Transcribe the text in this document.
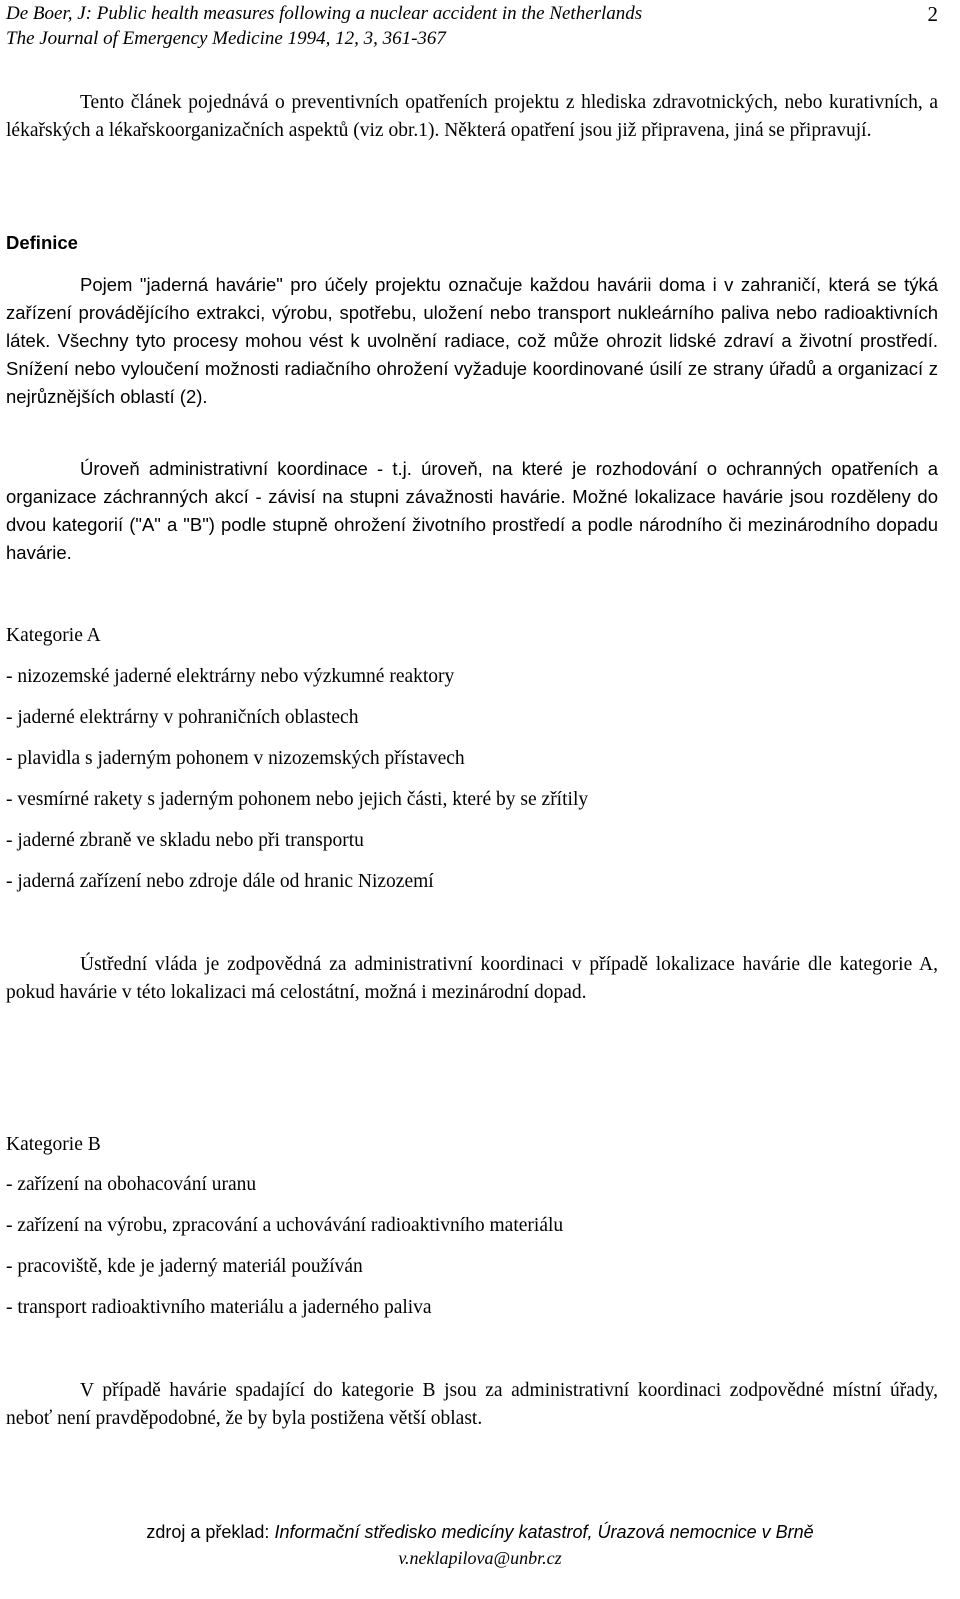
De Boer, J: Public health measures following a nuclear accident in the Netherlands
The Journal of Emergency Medicine 1994, 12, 3, 361-367
2
Tento článek pojednává o preventivních opatřeních projektu z hlediska zdravotnických, nebo kurativních, a lékařských a lékařskoorganizačních aspektů (viz obr.1). Některá opatření jsou již připravena, jiná se připravují.
Definice
Pojem "jaderná havárie" pro účely projektu označuje každou havárii doma i v zahraničí, která se týká zařízení provádějícího extrakci, výrobu, spotřebu, uložení nebo transport nukleárního paliva nebo radioaktivních látek. Všechny tyto procesy mohou vést k uvolnění radiace, což může ohrozit lidské zdraví a životní prostředí. Snížení nebo vyloučení možnosti radiačního ohrožení vyžaduje koordinované úsilí ze strany úřadů a organizací z nejrůznějších oblastí (2).
Úroveň administrativní koordinace - t.j. úroveň, na které je rozhodování o ochranných opatřeních a organizace záchranných akcí - závisí na stupni závažnosti havárie. Možné lokalizace havárie jsou rozděleny do dvou kategorií ("A" a "B") podle stupně ohrožení životního prostředí a podle národního či mezinárodního dopadu havárie.
Kategorie A
- nizozemské jaderné elektrárny nebo výzkumné reaktory
- jaderné elektrárny v pohraničních oblastech
- plavidla s jaderným pohonem v nizozemských přístavech
- vesmírné rakety s jaderným pohonem nebo jejich části, které by se zřítily
- jaderné zbraně ve skladu nebo při transportu
- jaderná zařízení nebo zdroje dále od hranic Nizozemí
Ústřední vláda je zodpovědná za administrativní koordinaci v případě lokalizace havárie dle kategorie A, pokud havárie v této lokalizaci má celostátní, možná i mezinárodní dopad.
Kategorie B
- zařízení na obohacování uranu
- zařízení na výrobu, zpracování a uchovávání radioaktivního materiálu
- pracoviště, kde je jaderný materiál používán
- transport radioaktivního materiálu a jaderného paliva
V případě havárie spadající do kategorie B jsou za administrativní koordinaci zodpovědné místní úřady, neboť není pravděpodobné, že by byla postižena větší oblast.
zdroj a překlad: Informační středisko medicíny katastrof, Úrazová nemocnice v Brně
v.neklapilova@unbr.cz
